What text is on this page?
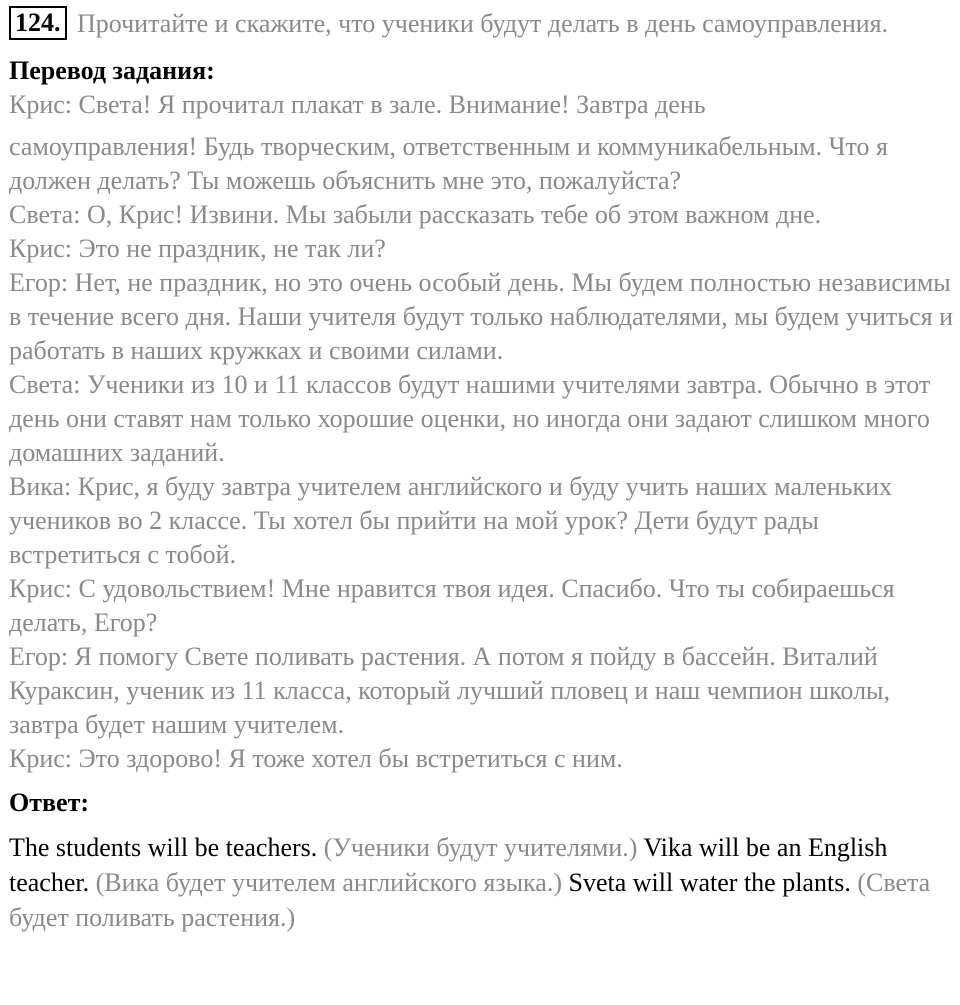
124. Прочитайте и скажите, что ученики будут делать в день самоуправления.
Перевод задания:
Крис: Света! Я прочитал плакат в зале. Внимание! Завтра день
самоуправления! Будь творческим, ответственным и коммуникабельным. Что я должен делать? Ты можешь объяснить мне это, пожалуйста?
Света: О, Крис! Извини. Мы забыли рассказать тебе об этом важном дне.
Крис: Это не праздник, не так ли?
Егор: Нет, не праздник, но это очень особый день. Мы будем полностью независимы в течение всего дня. Наши учителя будут только наблюдателями, мы будем учиться и работать в наших кружках и своими силами.
Света: Ученики из 10 и 11 классов будут нашими учителями завтра. Обычно в этот день они ставят нам только хорошие оценки, но иногда они задают слишком много домашних заданий.
Вика: Крис, я буду завтра учителем английского и буду учить наших маленьких учеников во 2 классе. Ты хотел бы прийти на мой урок? Дети будут рады встретиться с тобой.
Крис: С удовольствием! Мне нравится твоя идея. Спасибо. Что ты собираешься делать, Егор?
Егор: Я помогу Свете поливать растения. А потом я пойду в бассейн. Виталий Кураксин, ученик из 11 класса, который лучший пловец и наш чемпион школы, завтра будет нашим учителем.
Крис: Это здорово! Я тоже хотел бы встретиться с ним.
Ответ:
The students will be teachers. (Ученики будут учителями.) Vika will be an English teacher. (Вика будет учителем английского языка.) Sveta will water the plants. (Света будет поливать растения.)
